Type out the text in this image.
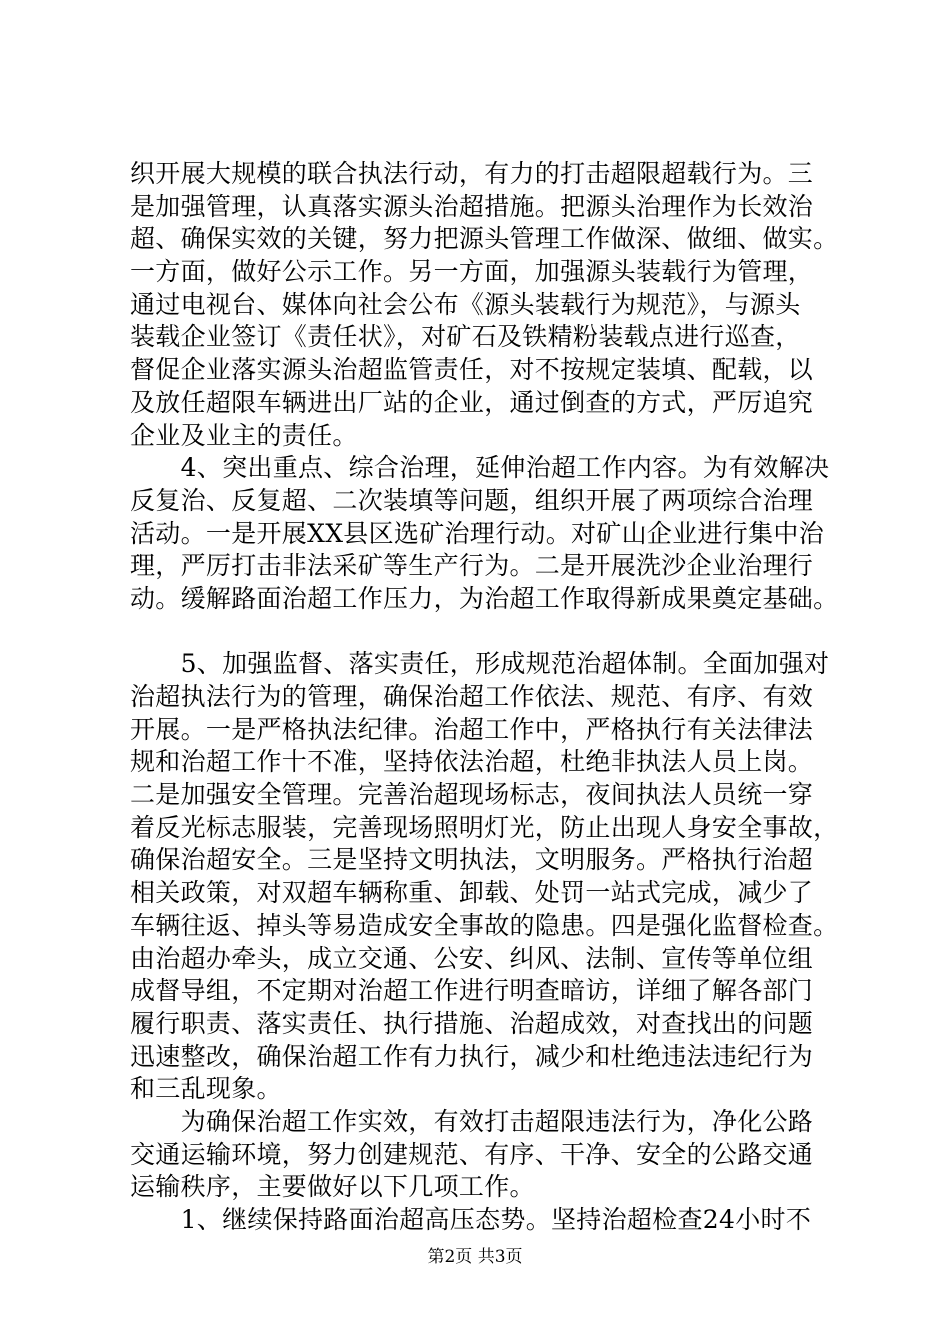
织开展大规模的联合执法行动，有力的打击超限超载行为。三
是加强管理，认真落实源头治超措施。把源头治理作为长效治
超、确保实效的关键，努力把源头管理工作做深、做细、做实。
一方面，做好公示工作。另一方面，加强源头装载行为管理，
通过电视台、媒体向社会公布《源头装载行为规范》，与源头
装载企业签订《责任状》，对矿石及铁精粉装载点进行巡查，
督促企业落实源头治超监管责任，对不按规定装填、配载，以
及放任超限车辆进出厂站的企业，通过倒查的方式，严厉追究
企业及业主的责任。
　　4、突出重点、综合治理，延伸治超工作内容。为有效解决
反复治、反复超、二次装填等问题，组织开展了两项综合治理
活动。一是开展XX县区选矿治理行动。对矿山企业进行集中治
理，严厉打击非法采矿等生产行为。二是开展洗沙企业治理行
动。缓解路面治超工作压力，为治超工作取得新成果奠定基础。
　　5、加强监督、落实责任，形成规范治超体制。全面加强对
治超执法行为的管理，确保治超工作依法、规范、有序、有效
开展。一是严格执法纪律。治超工作中，严格执行有关法律法
规和治超工作十不准，坚持依法治超，杜绝非执法人员上岗。
二是加强安全管理。完善治超现场标志，夜间执法人员统一穿
着反光标志服装，完善现场照明灯光，防止出现人身安全事故，
确保治超安全。三是坚持文明执法，文明服务。严格执行治超
相关政策，对双超车辆称重、卸载、处罚一站式完成，减少了
车辆往返、掉头等易造成安全事故的隐患。四是强化监督检查。
由治超办牵头，成立交通、公安、纠风、法制、宣传等单位组
成督导组，不定期对治超工作进行明查暗访，详细了解各部门
履行职责、落实责任、执行措施、治超成效，对查找出的问题
迅速整改，确保治超工作有力执行，减少和杜绝违法违纪行为
和三乱现象。
　　为确保治超工作实效，有效打击超限违法行为，净化公路
交通运输环境，努力创建规范、有序、干净、安全的公路交通
运输秩序，主要做好以下几项工作。
　　1、继续保持路面治超高压态势。坚持治超检查24小时不
第2页 共3页
